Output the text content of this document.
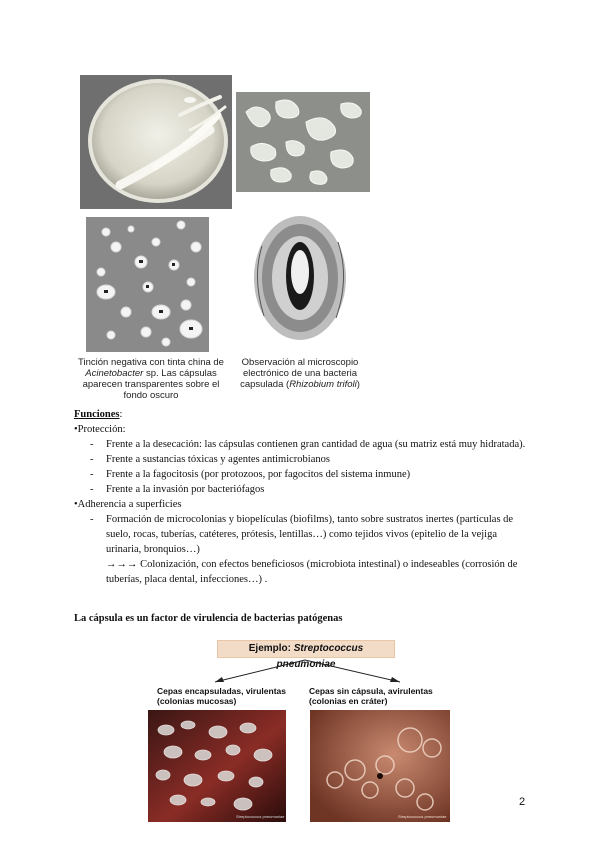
Tinción negativa con tinta china de
Acinetobacter sp. Las cápsulas aparecen transparentes sobre el fondo oscuro
Observación al microscopio electrónico de una bacteria capsulada (Rhizobium trifoli)
Funciones:
•Protección:
- Frente a la desecación: las cápsulas contienen gran cantidad de agua (su matriz está muy hidratada).
- Frente a sustancias tóxicas y agentes antimicrobianos
- Frente a la fagocitosis (por protozoos, por fagocitos del sistema inmune)
- Frente a la invasión por bacteriófagos
•Adherencia a superficies
- Formación de microcolonias y biopelículas (biofilms), tanto sobre sustratos inertes (partículas de suelo, rocas, tuberías, catéteres, prótesis, lentillas…) como tejidos vivos (epitelio de la vejiga urinaria, bronquios…)
→→→ Colonización, con efectos beneficiosos (microbiota intestinal) o indeseables (corrosión de tuberías, placa dental, infecciones…) .
La cápsula es un factor de virulencia de bacterias patógenas
Ejemplo: Streptococcus pneumoniae
Cepas encapsuladas, virulentas
(colonias mucosas)
Cepas sin cápsula, avirulentas
(colonias en cráter)
Streptococcus pneumoniae	Streptococcus pneumoniae
2
